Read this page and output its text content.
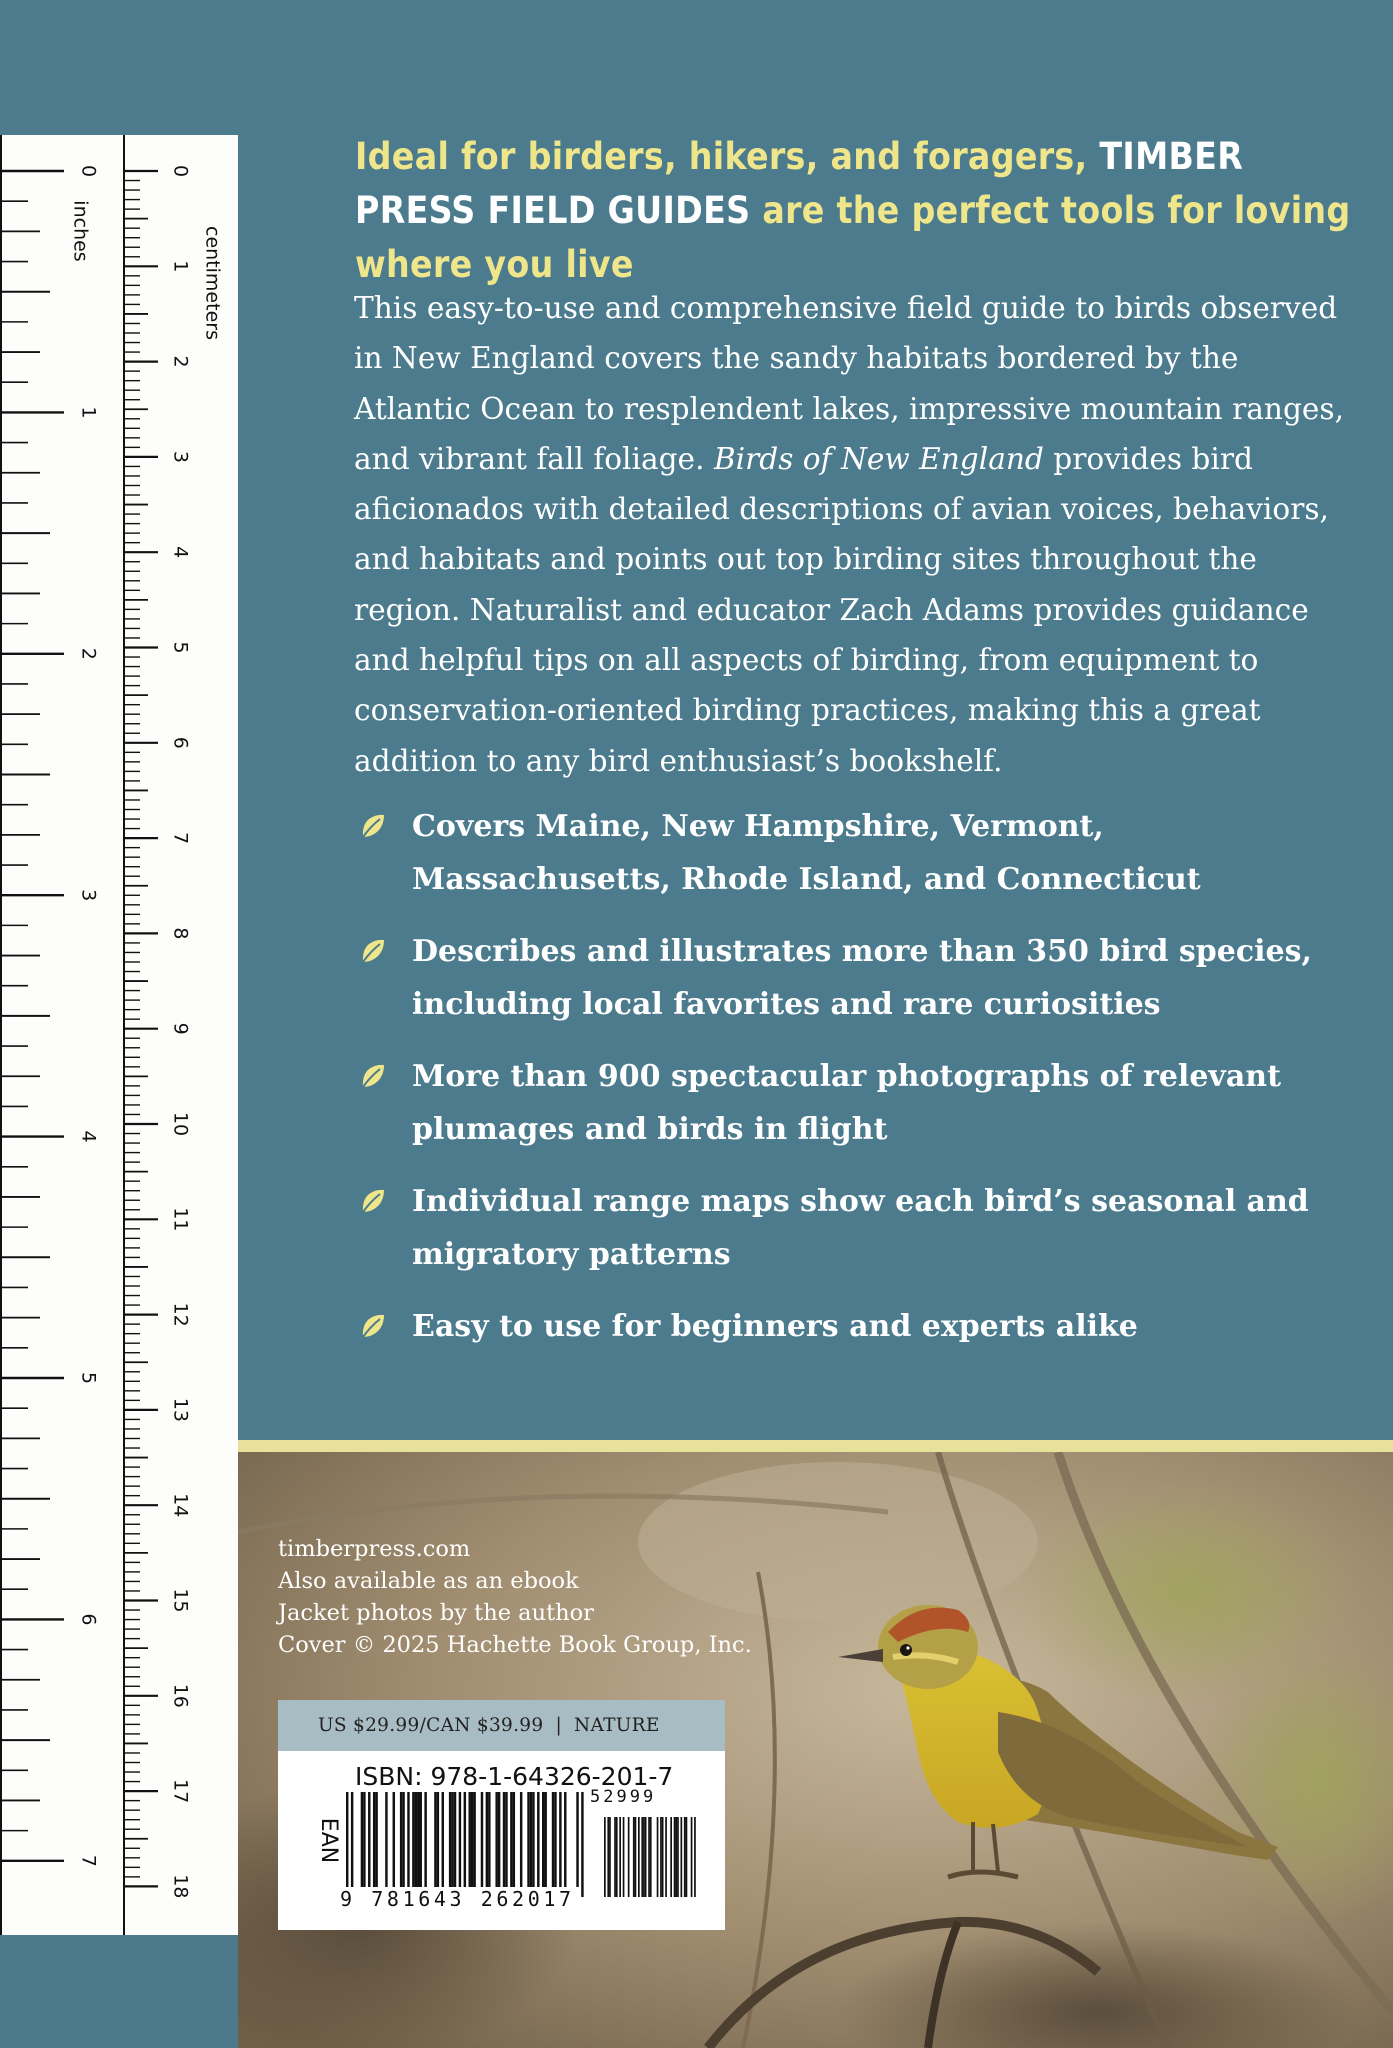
0
1
2
3
4
5
6
7
8
9
10
11
12
13
14
15
16
17
18
centimeters
0
1
2
3
4
5
6
7
inches
Ideal for birders, hikers, and foragers, TIMBER PRESS FIELD GUIDES are the perfect tools for loving where you live

This easy-to-use and comprehensive field guide to birds observed in New England covers the sandy habitats bordered by the Atlantic Ocean to resplendent lakes, impressive mountain ranges, and vibrant fall foliage. Birds of New England provides bird aficionados with detailed descriptions of avian voices, behaviors, and habitats and points out top birding sites throughout the region. Naturalist and educator Zach Adams provides guidance and helpful tips on all aspects of birding, from equipment to conservation-oriented birding practices, making this a great addition to any bird enthusiast’s bookshelf.

Covers Maine, New Hampshire, Vermont, Massachusetts, Rhode Island, and Connecticut
Describes and illustrates more than 350 bird species, including local favorites and rare curiosities
More than 900 spectacular photographs of relevant plumages and birds in flight
Individual range maps show each bird’s seasonal and migratory patterns
Easy to use for beginners and experts alike
timberpress.com
Also available as an ebook
Jacket photos by the author
Cover © 2025 Hachette Book Group, Inc.
US $29.99/CAN $39.99 | NATURE
ISBN: 978-1-64326-201-7
EAN
52999
9 781643 262017
